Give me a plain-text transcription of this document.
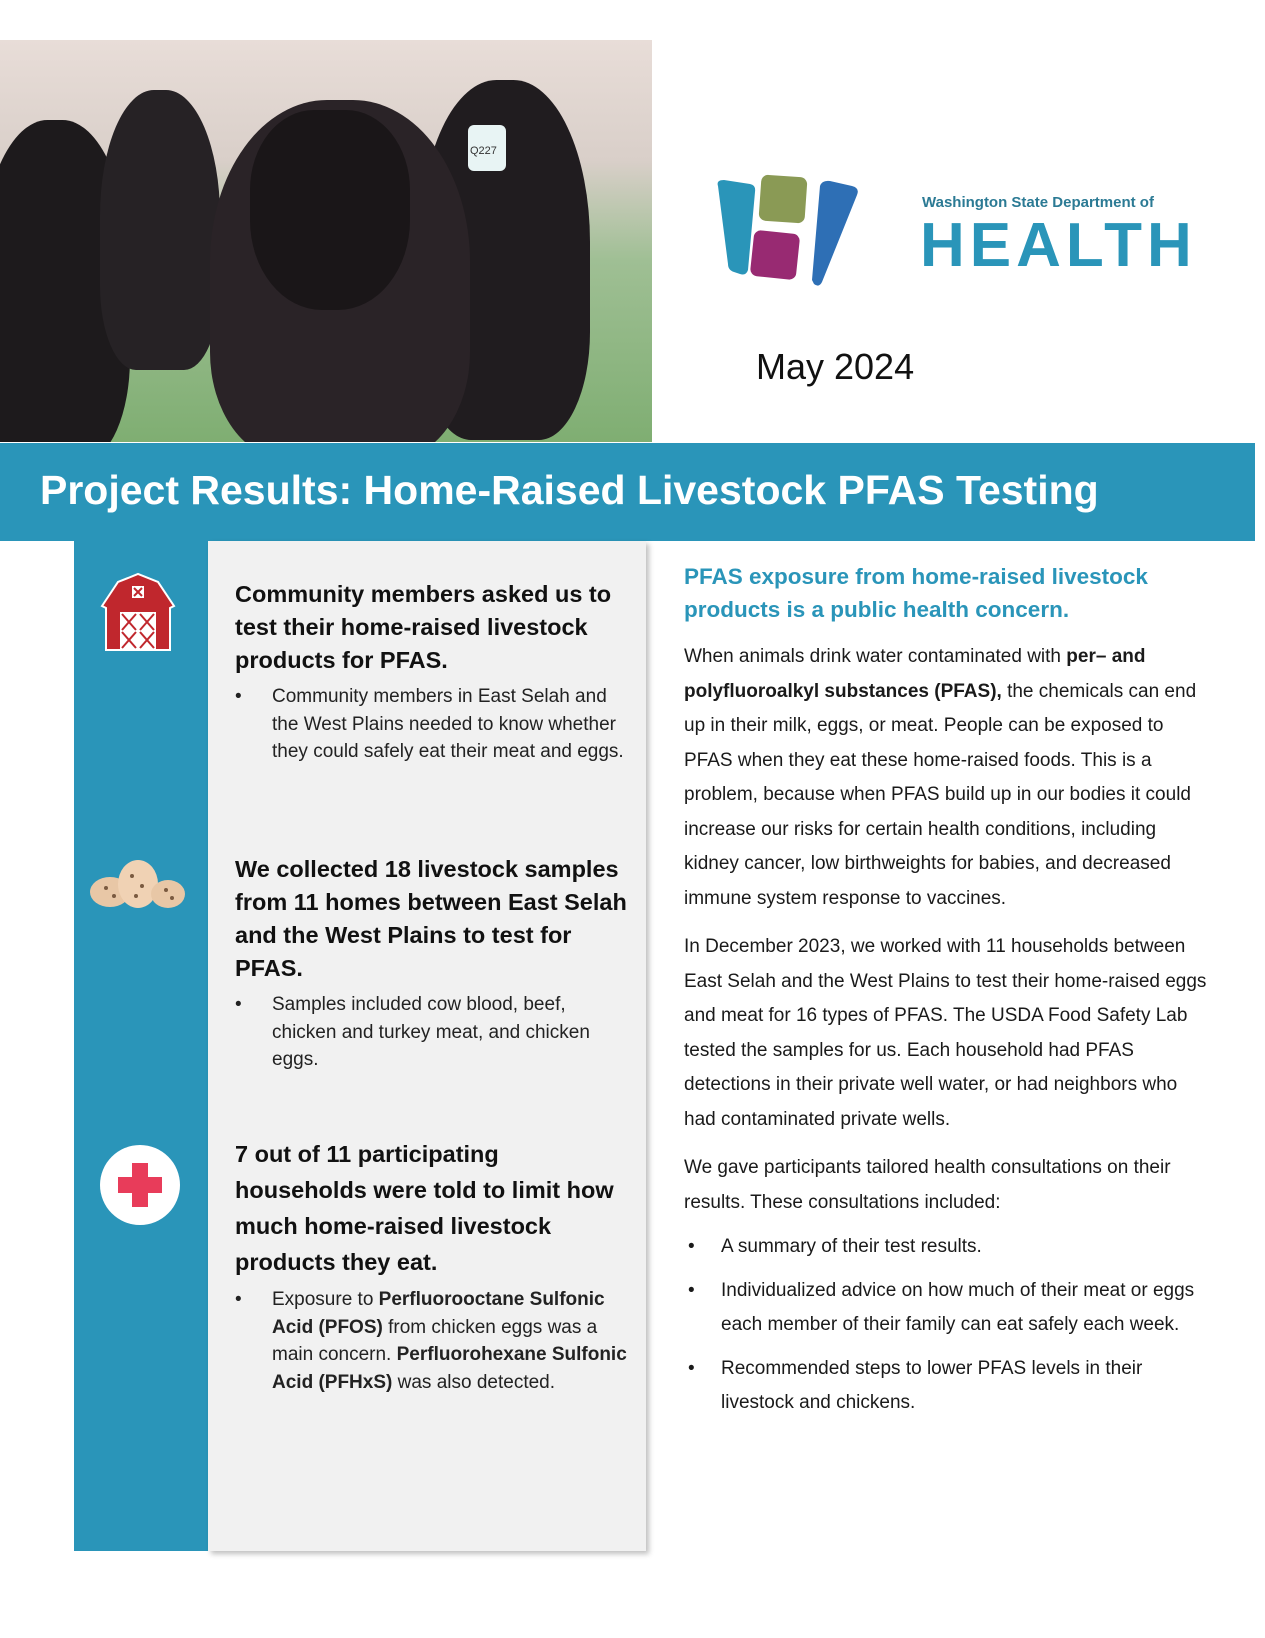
Q227
Washington State Department of
HEALTH
May 2024
Project Results: Home-Raised Livestock PFAS Testing
Community members asked us to test their home-raised livestock products for PFAS.
• Community members in East Selah and the West Plains needed to know whether they could safely eat their meat and eggs.
We collected 18 livestock samples from 11 homes between East Selah and the West Plains to test for PFAS.
• Samples included cow blood, beef, chicken and turkey meat, and chicken eggs.
7 out of 11 participating households were told to limit how much home-raised livestock products they eat.
• Exposure to Perfluorooctane Sulfonic Acid (PFOS) from chicken eggs was a main concern. Perfluorohexane Sulfonic Acid (PFHxS) was also detected.
PFAS exposure from home-raised livestock products is a public health concern.

When animals drink water contaminated with per– and polyfluoroalkyl substances (PFAS), the chemicals can end up in their milk, eggs, or meat. People can be exposed to PFAS when they eat these home-raised foods. This is a problem, because when PFAS build up in our bodies it could increase our risks for certain health conditions, including kidney cancer, low birthweights for babies, and decreased immune system response to vaccines.

In December 2023, we worked with 11 households between East Selah and the West Plains to test their home-raised eggs and meat for 16 types of PFAS. The USDA Food Safety Lab tested the samples for us. Each household had PFAS detections in their private well water, or had neighbors who had contaminated private wells.

We gave participants tailored health consultations on their results. These consultations included:

• A summary of their test results.
• Individualized advice on how much of their meat or eggs each member of their family can eat safely each week.
• Recommended steps to lower PFAS levels in their livestock and chickens.
